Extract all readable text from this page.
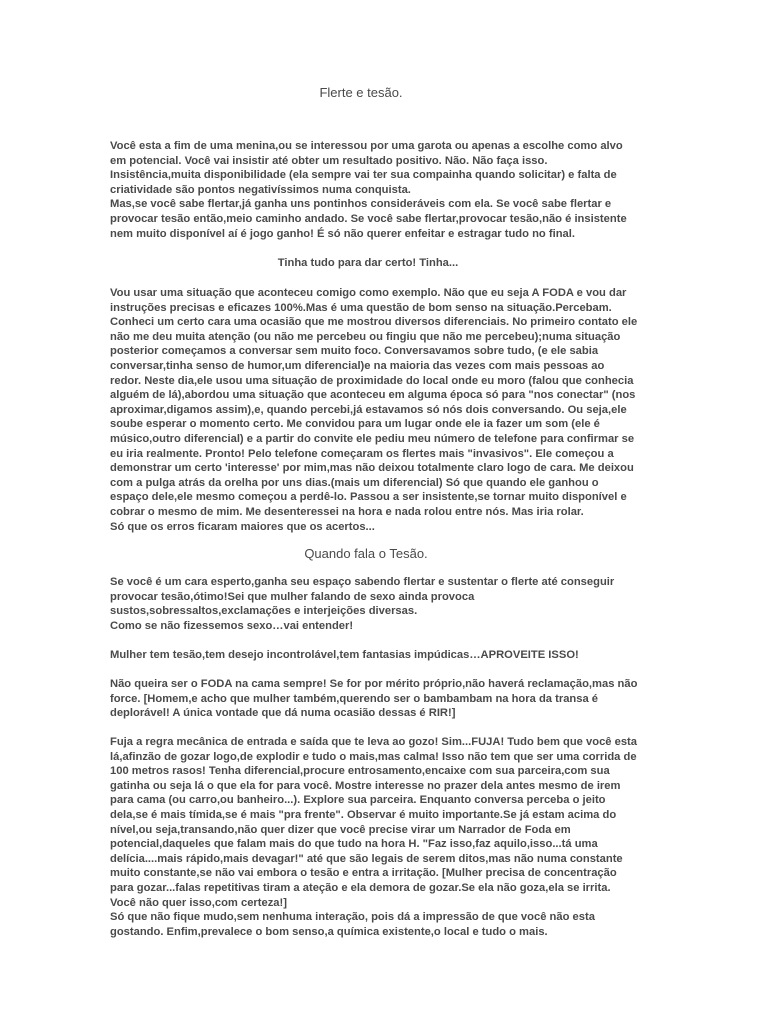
Flerte e tesão.
Você esta a fim de uma menina,ou se interessou por uma garota ou apenas a escolhe como alvo
em potencial. Você vai insistir até obter um resultado positivo. Não. Não faça isso.
Insistência,muita disponibilidade (ela sempre vai ter sua compainha quando solicitar) e falta de
criatividade são pontos negativíssimos numa conquista.
Mas,se você sabe flertar,já ganha uns pontinhos consideráveis com ela. Se você sabe flertar e
provocar tesão então,meio caminho andado. Se você sabe flertar,provocar tesão,não é insistente
nem muito disponível aí é jogo ganho! É só não querer enfeitar e estragar tudo no final.
Tinha tudo para dar certo! Tinha...
Vou usar uma situação que aconteceu comigo como exemplo. Não que eu seja A FODA e vou dar
instruções precisas e eficazes 100%.Mas é uma questão de bom senso na situação.Percebam.
Conheci um certo cara uma ocasião que me mostrou diversos diferenciais. No primeiro contato ele
não me deu muita atenção (ou não me percebeu ou fingiu que não me percebeu);numa situação
posterior começamos a conversar sem muito foco. Conversavamos sobre tudo, (e ele sabia
conversar,tinha senso de humor,um diferencial)e na maioria das vezes com mais pessoas ao
redor. Neste dia,ele usou uma situação de proximidade do local onde eu moro (falou que conhecia
alguém de lá),abordou uma situação que aconteceu em alguma época só para "nos conectar" (nos
aproximar,digamos assim),e, quando percebi,já estavamos só nós dois conversando. Ou seja,ele
soube esperar o momento certo. Me convidou para um lugar onde ele ia fazer um som (ele é
músico,outro diferencial) e a partir do convite ele pediu meu número de telefone para confirmar se
eu iria realmente. Pronto! Pelo telefone começaram os flertes mais "invasivos". Ele começou a
demonstrar um certo 'interesse' por mim,mas não deixou totalmente claro logo de cara. Me deixou
com a pulga atrás da orelha por uns dias.(mais um diferencial) Só que quando ele ganhou o
espaço dele,ele mesmo começou a perdê-lo. Passou a ser insistente,se tornar muito disponível e
cobrar o mesmo de mim. Me desenteressei na hora e nada rolou entre nós. Mas iria rolar.
Só que os erros ficaram maiores que os acertos...
Quando fala o Tesão.
Se você é um cara esperto,ganha seu espaço sabendo flertar e sustentar o flerte até conseguir
provocar tesão,ótimo!Sei que mulher falando de sexo ainda provoca
sustos,sobressaltos,exclamações e interjeições diversas.
Como se não fizessemos sexo…vai entender!
Mulher tem tesão,tem desejo incontrolável,tem fantasias impúdicas…APROVEITE ISSO!
Não queira ser o FODA na cama sempre! Se for por mérito próprio,não haverá reclamação,mas não
force. [Homem,e acho que mulher também,querendo ser o bambambam na hora da transa é
deplorável! A única vontade que dá numa ocasião dessas é RIR!]
Fuja a regra mecânica de entrada e saída que te leva ao gozo! Sim...FUJA! Tudo bem que você esta
lá,afinzão de gozar logo,de explodir e tudo o mais,mas calma! Isso não tem que ser uma corrida de
100 metros rasos! Tenha diferencial,procure entrosamento,encaixe com sua parceira,com sua
gatinha ou seja lá o que ela for para você. Mostre interesse no prazer dela antes mesmo de irem
para cama (ou carro,ou banheiro...). Explore sua parceira. Enquanto conversa perceba o jeito
dela,se é mais tímida,se é mais "pra frente". Observar é muito importante.Se já estam acima do
nível,ou seja,transando,não quer dizer que você precise virar um Narrador de Foda em
potencial,daqueles que falam mais do que tudo na hora H. "Faz isso,faz aquilo,isso...tá uma
delícia....mais rápido,mais devagar!" até que são legais de serem ditos,mas não numa constante
muito constante,se não vai embora o tesão e entra a irritação. [Mulher precisa de concentração
para gozar...falas repetitivas tiram a ateção e ela demora de gozar.Se ela não goza,ela se irrita.
Você não quer isso,com certeza!]
Só que não fique mudo,sem nenhuma interação, pois dá a impressão de que você não esta
gostando. Enfim,prevalece o bom senso,a química existente,o local e tudo o mais.
